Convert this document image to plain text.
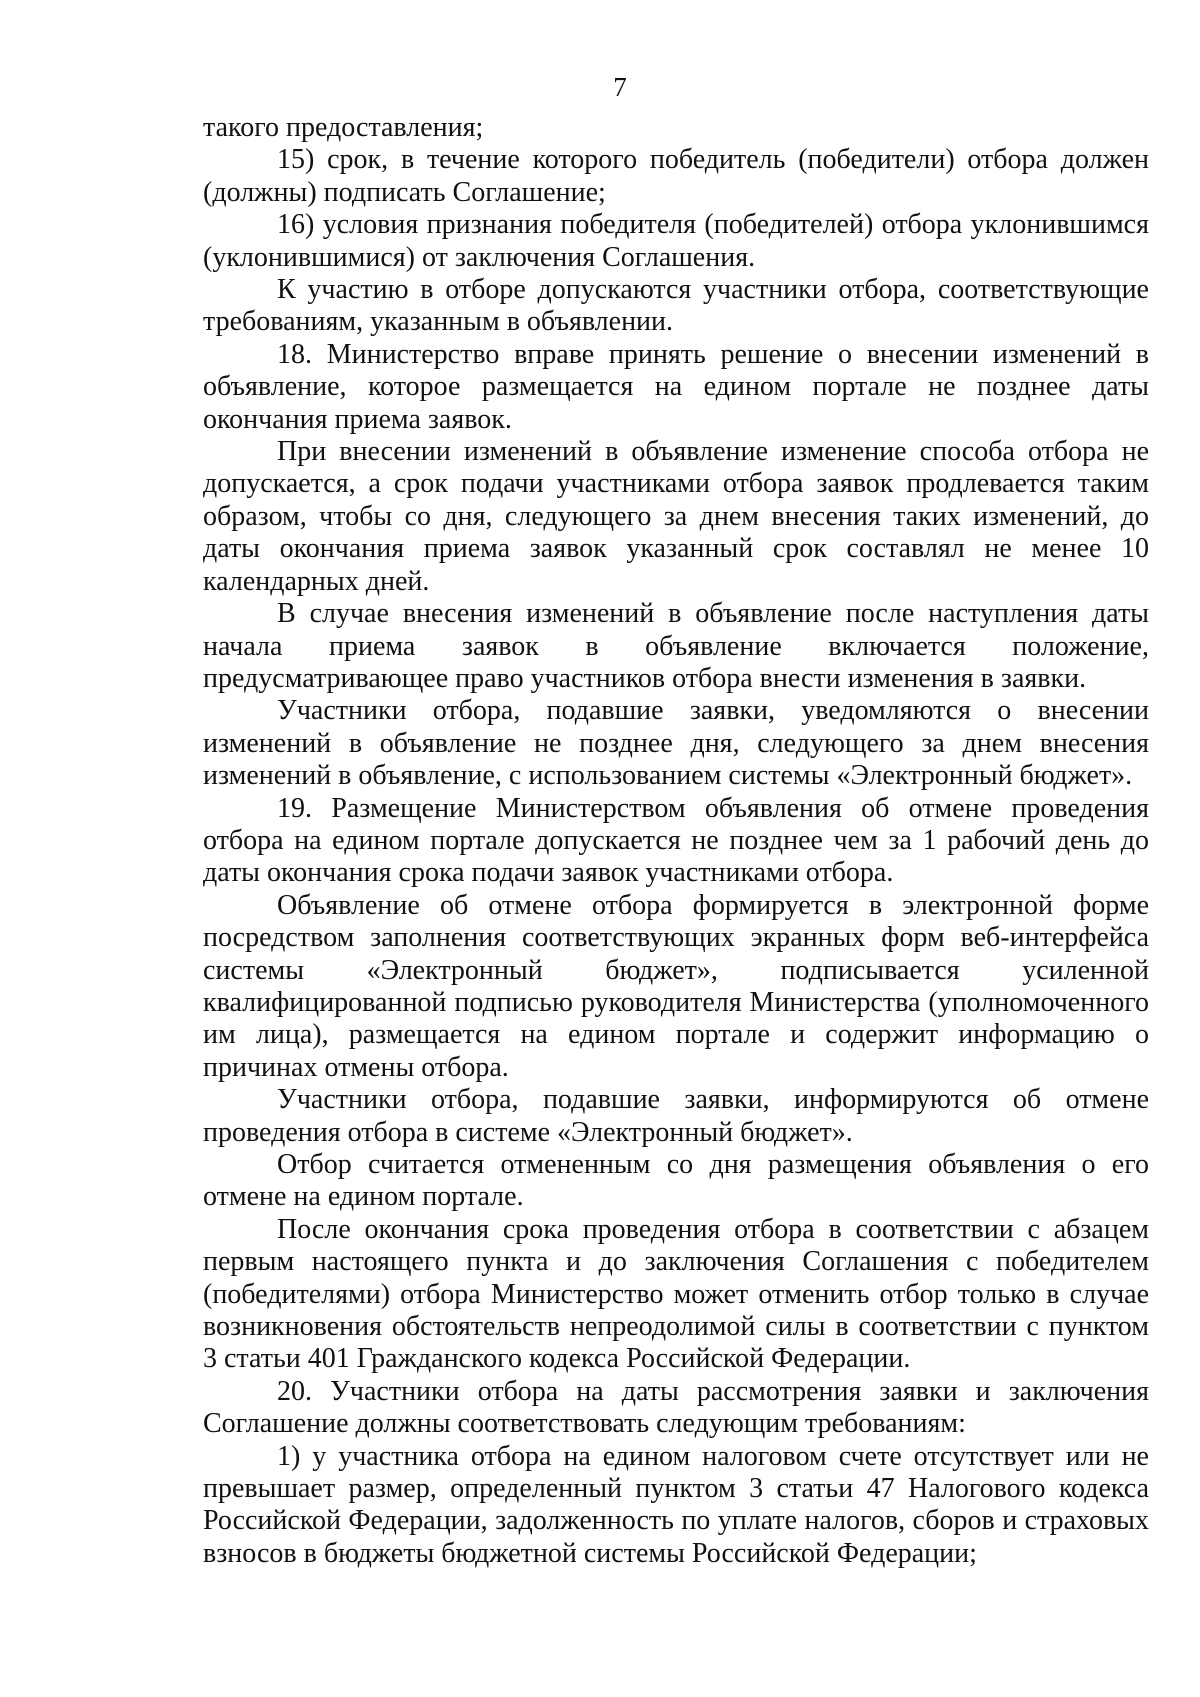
7

такого предоставления;

15) срок, в течение которого победитель (победители) отбора должен (должны) подписать Соглашение;

16) условия признания победителя (победителей) отбора уклонившимся (уклонившимися) от заключения Соглашения.

К участию в отборе допускаются участники отбора, соответствующие требованиям, указанным в объявлении.

18. Министерство вправе принять решение о внесении изменений в объявление, которое размещается на едином портале не позднее даты окончания приема заявок.

При внесении изменений в объявление изменение способа отбора не допускается, а срок подачи участниками отбора заявок продлевается таким образом, чтобы со дня, следующего за днем внесения таких изменений, до даты окончания приема заявок указанный срок составлял не менее 10 календарных дней.

В случае внесения изменений в объявление после наступления даты начала приема заявок в объявление включается положение, предусматривающее право участников отбора внести изменения в заявки.

Участники отбора, подавшие заявки, уведомляются о внесении изменений в объявление не позднее дня, следующего за днем внесения изменений в объявление, с использованием системы «Электронный бюджет».

19. Размещение Министерством объявления об отмене проведения отбора на едином портале допускается не позднее чем за 1 рабочий день до даты окончания срока подачи заявок участниками отбора.

Объявление об отмене отбора формируется в электронной форме посредством заполнения соответствующих экранных форм веб-интерфейса системы «Электронный бюджет», подписывается усиленной квалифицированной подписью руководителя Министерства (уполномоченного им лица), размещается на едином портале и содержит информацию о причинах отмены отбора.

Участники отбора, подавшие заявки, информируются об отмене проведения отбора в системе «Электронный бюджет».

Отбор считается отмененным со дня размещения объявления о его отмене на едином портале.

После окончания срока проведения отбора в соответствии с абзацем первым настоящего пункта и до заключения Соглашения с победителем (победителями) отбора Министерство может отменить отбор только в случае возникновения обстоятельств непреодолимой силы в соответствии с пунктом 3 статьи 401 Гражданского кодекса Российской Федерации.

20. Участники отбора на даты рассмотрения заявки и заключения Соглашение должны соответствовать следующим требованиям:

1) у участника отбора на едином налоговом счете отсутствует или не превышает размер, определенный пунктом 3 статьи 47 Налогового кодекса Российской Федерации, задолженность по уплате налогов, сборов и страховых взносов в бюджеты бюджетной системы Российской Федерации;
